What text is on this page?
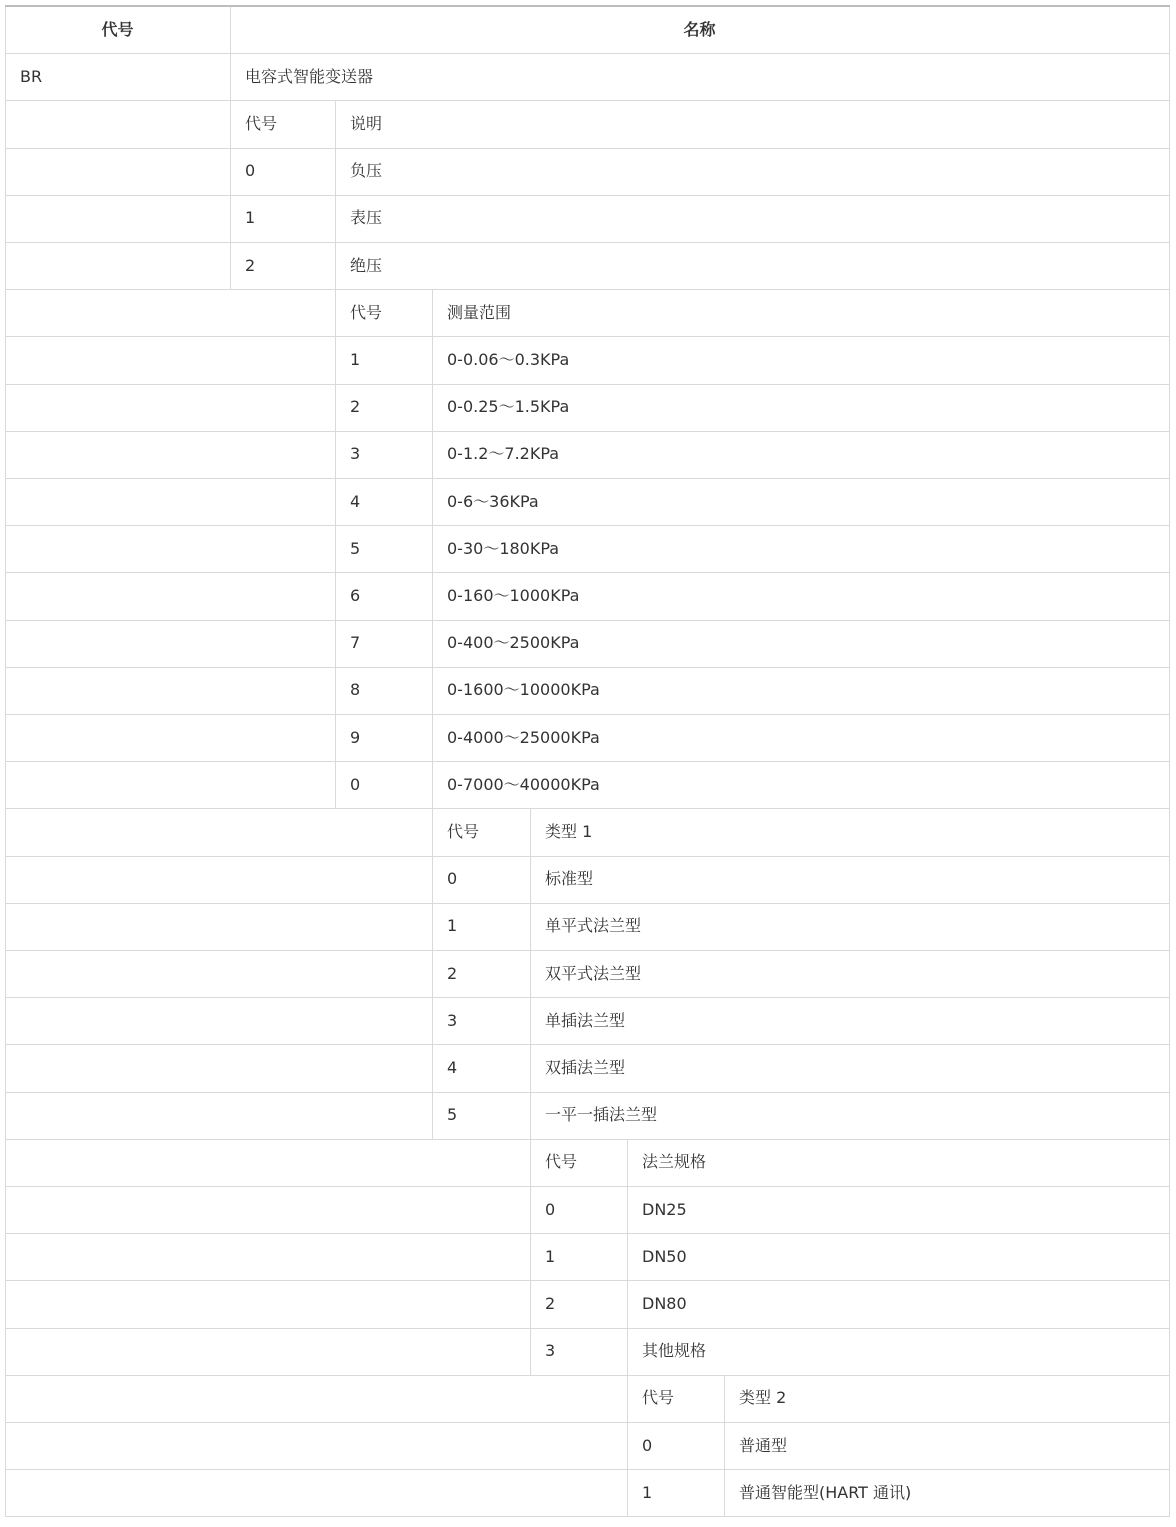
代号	名称
BR	电容式智能变送器
代号	说明
0	负压
1	表压
2	绝压
代号	测量范围
1	0-0.06～0.3KPa
2	0-0.25～1.5KPa
3	0-1.2～7.2KPa
4	0-6～36KPa
5	0-30～180KPa
6	0-160～1000KPa
7	0-400～2500KPa
8	0-1600～10000KPa
9	0-4000～25000KPa
0	0-7000～40000KPa
代号	类型 1
0	标准型
1	单平式法兰型
2	双平式法兰型
3	单插法兰型
4	双插法兰型
5	一平一插法兰型
代号	法兰规格
0	DN25
1	DN50
2	DN80
3	其他规格
代号	类型 2
0	普通型
1	普通智能型(HART 通讯)
